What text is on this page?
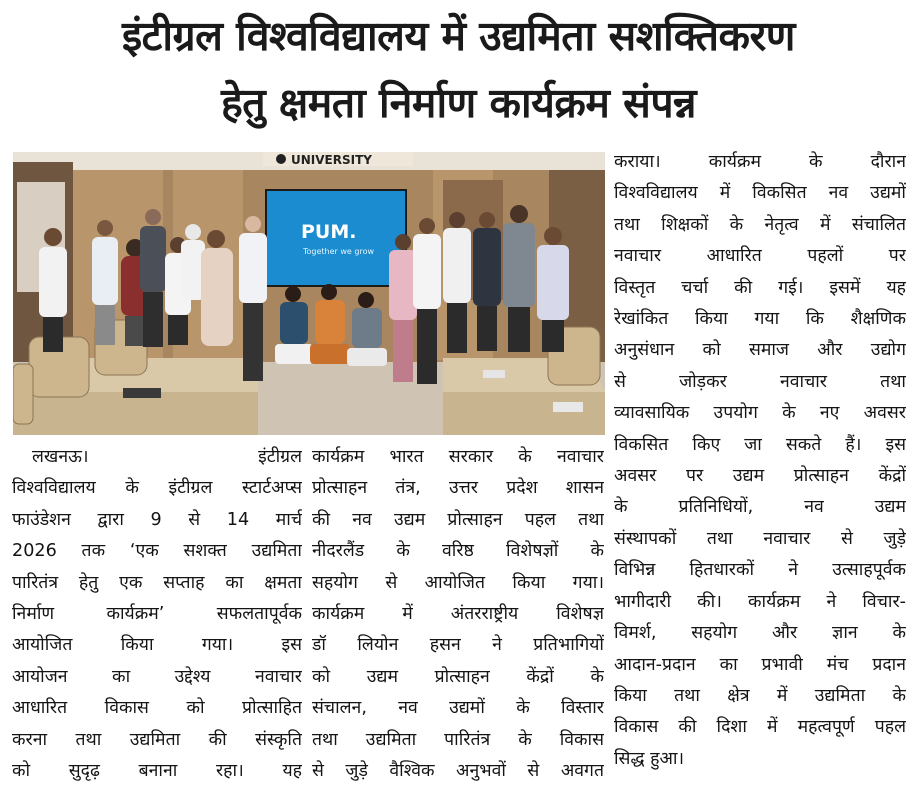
इंटीग्रल विश्वविद्यालय में उद्यमिता सशक्तिकरण
हेतु क्षमता निर्माण कार्यक्रम संपन्न
UNIVERSITY
PUM.
Together we grow
लखनऊ। इंटीग्रल
विश्वविद्यालय के इंटीग्रल स्टार्टअप्स
फाउंडेशन द्वारा 9 से 14 मार्च
2026 तक ‘एक सशक्त उद्यमिता
पारितंत्र हेतु एक सप्ताह का क्षमता
निर्माण कार्यक्रम’ सफलतापूर्वक
आयोजित किया गया। इस
आयोजन का उद्देश्य नवाचार
आधारित विकास को प्रोत्साहित
करना तथा उद्यमिता की संस्कृति
को सुदृढ़ बनाना रहा। यह
कार्यक्रम भारत सरकार के नवाचार
प्रोत्साहन तंत्र, उत्तर प्रदेश शासन
की नव उद्यम प्रोत्साहन पहल तथा
नीदरलैंड के वरिष्ठ विशेषज्ञों के
सहयोग से आयोजित किया गया।
कार्यक्रम में अंतरराष्ट्रीय विशेषज्ञ
डॉ लियोन हसन ने प्रतिभागियों
को उद्यम प्रोत्साहन केंद्रों के
संचालन, नव उद्यमों के विस्तार
तथा उद्यमिता पारितंत्र के विकास
से जुड़े वैश्विक अनुभवों से अवगत
कराया। कार्यक्रम के दौरान
विश्वविद्यालय में विकसित नव उद्यमों
तथा शिक्षकों के नेतृत्व में संचालित
नवाचार आधारित पहलों पर
विस्तृत चर्चा की गई। इसमें यह
रेखांकित किया गया कि शैक्षणिक
अनुसंधान को समाज और उद्योग
से जोड़कर नवाचार तथा
व्यावसायिक उपयोग के नए अवसर
विकसित किए जा सकते हैं। इस
अवसर पर उद्यम प्रोत्साहन केंद्रों
के प्रतिनिधियों, नव उद्यम
संस्थापकों तथा नवाचार से जुड़े
विभिन्न हितधारकों ने उत्साहपूर्वक
भागीदारी की। कार्यक्रम ने विचार-
विमर्श, सहयोग और ज्ञान के
आदान-प्रदान का प्रभावी मंच प्रदान
किया तथा क्षेत्र में उद्यमिता के
विकास की दिशा में महत्वपूर्ण पहल
सिद्ध हुआ।
